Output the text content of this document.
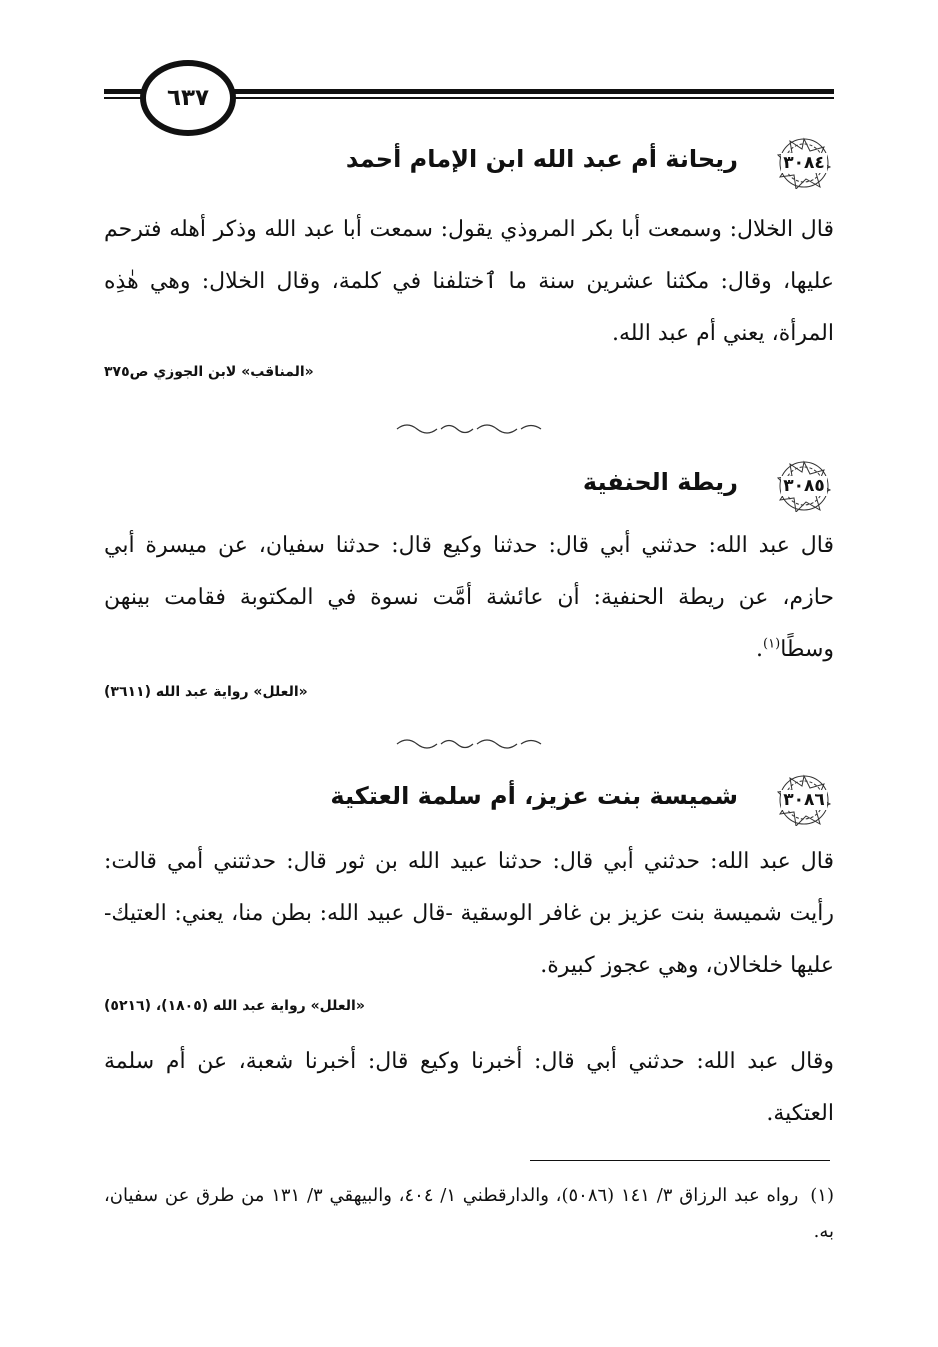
٦٣٧
٣٠٨٤
ريحانة أم عبد الله ابن الإمام أحمد
قال الخلال: وسمعت أبا بكر المروذي يقول: سمعت أبا عبد الله وذكر أهله فترحم عليها، وقال: مكثنا عشرين سنة ما ٱختلفنا في كلمة، وقال الخلال: وهي هٰذِه المرأة، يعني أم عبد الله.
«المناقب» لابن الجوزي ص٣٧٥
٣٠٨٥
ريطة الحنفية
قال عبد الله: حدثني أبي قال: حدثنا وكيع قال: حدثنا سفيان، عن ميسرة أبي حازم، عن ريطة الحنفية: أن عائشة أمَّت نسوة في المكتوبة فقامت بينهن وسطًا$^{(١)}$.
«العلل» رواية عبد الله (٣٦١١)
٣٠٨٦
شميسة بنت عزيز، أم سلمة العتكية
قال عبد الله: حدثني أبي قال: حدثنا عبيد الله بن ثور قال: حدثتني أمي قالت: رأيت شميسة بنت عزيز بن غافر الوسقية -قال عبيد الله: بطن منا، يعني: العتيك- عليها خلخالان، وهي عجوز كبيرة.
«العلل» رواية عبد الله (١٨٠٥)، (٥٢١٦)
وقال عبد الله: حدثني أبي قال: أخبرنا وكيع قال: أخبرنا شعبة، عن أم سلمة العتكية.
(١)رواه عبد الرزاق ٣/ ١٤١ (٥٠٨٦)، والدارقطني ١/ ٤٠٤، والبيهقي ٣/ ١٣١ من طرق عن سفيان، به.
